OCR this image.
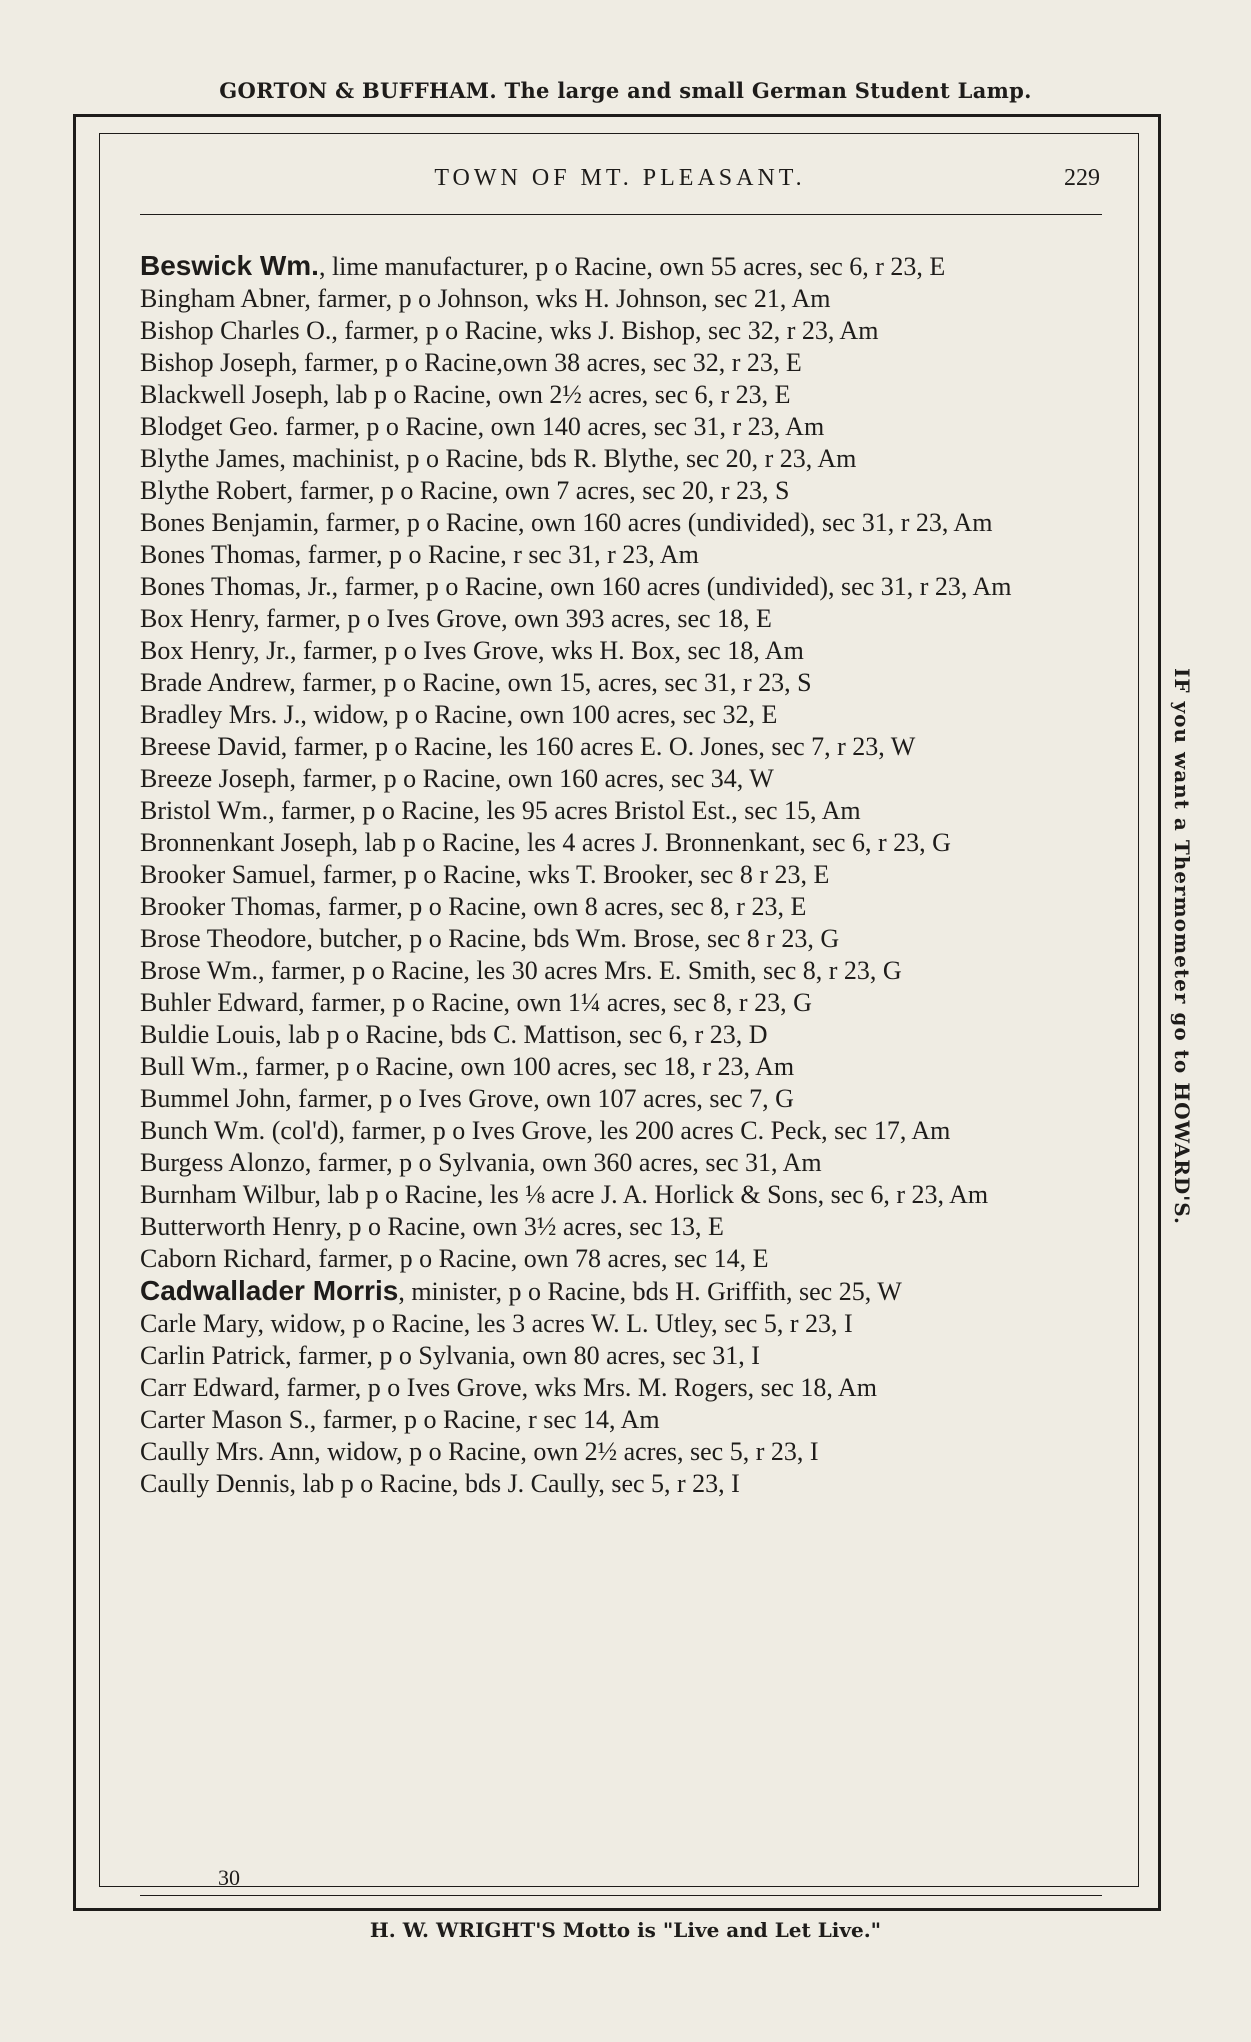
GORTON & BUFFHAM. The large and small German Student Lamp.
TOWN OF MT. PLEASANT.	229
Beswick Wm., lime manufacturer, p o Racine, own 55 acres, sec 6, r 23, E
Bingham Abner, farmer, p o Johnson, wks H. Johnson, sec 21, Am
Bishop Charles O., farmer, p o Racine, wks J. Bishop, sec 32, r 23, Am
Bishop Joseph, farmer, p o Racine,own 38 acres, sec 32, r 23, E
Blackwell Joseph, lab p o Racine, own 2½ acres, sec 6, r 23, E
Blodget Geo. farmer, p o Racine, own 140 acres, sec 31, r 23, Am
Blythe James, machinist, p o Racine, bds R. Blythe, sec 20, r 23, Am
Blythe Robert, farmer, p o Racine, own 7 acres, sec 20, r 23, S
Bones Benjamin, farmer, p o Racine, own 160 acres (undivided), sec 31, r 23, Am
Bones Thomas, farmer, p o Racine, r sec 31, r 23, Am
Bones Thomas, Jr., farmer, p o Racine, own 160 acres (undivided), sec 31, r 23, Am
Box Henry, farmer, p o Ives Grove, own 393 acres, sec 18, E
Box Henry, Jr., farmer, p o Ives Grove, wks H. Box, sec 18, Am
Brade Andrew, farmer, p o Racine, own 15, acres, sec 31, r 23, S
Bradley Mrs. J., widow, p o Racine, own 100 acres, sec 32, E
Breese David, farmer, p o Racine, les 160 acres E. O. Jones, sec 7, r 23, W
Breeze Joseph, farmer, p o Racine, own 160 acres, sec 34, W
Bristol Wm., farmer, p o Racine, les 95 acres Bristol Est., sec 15, Am
Bronnenkant Joseph, lab p o Racine, les 4 acres J. Bronnenkant, sec 6, r 23, G
Brooker Samuel, farmer, p o Racine, wks T. Brooker, sec 8 r 23, E
Brooker Thomas, farmer, p o Racine, own 8 acres, sec 8, r 23, E
Brose Theodore, butcher, p o Racine, bds Wm. Brose, sec 8 r 23, G
Brose Wm., farmer, p o Racine, les 30 acres Mrs. E. Smith, sec 8, r 23, G
Buhler Edward, farmer, p o Racine, own 1¼ acres, sec 8, r 23, G
Buldie Louis, lab p o Racine, bds C. Mattison, sec 6, r 23, D
Bull Wm., farmer, p o Racine, own 100 acres, sec 18, r 23, Am
Bummel John, farmer, p o Ives Grove, own 107 acres, sec 7, G
Bunch Wm. (col'd), farmer, p o Ives Grove, les 200 acres C. Peck, sec 17, Am
Burgess Alonzo, farmer, p o Sylvania, own 360 acres, sec 31, Am
Burnham Wilbur, lab p o Racine, les ⅛ acre J. A. Horlick & Sons, sec 6, r 23, Am
Butterworth Henry, p o Racine, own 3½ acres, sec 13, E
Caborn Richard, farmer, p o Racine, own 78 acres, sec 14, E
Cadwallader Morris, minister, p o Racine, bds H. Griffith, sec 25, W
Carle Mary, widow, p o Racine, les 3 acres W. L. Utley, sec 5, r 23, I
Carlin Patrick, farmer, p o Sylvania, own 80 acres, sec 31, I
Carr Edward, farmer, p o Ives Grove, wks Mrs. M. Rogers, sec 18, Am
Carter Mason S., farmer, p o Racine, r sec 14, Am
Caully Mrs. Ann, widow, p o Racine, own 2½ acres, sec 5, r 23, I
Caully Dennis, lab p o Racine, bds J. Caully, sec 5, r 23, I
30
IF you want a Thermometer go to HOWARD'S.
H. W. WRIGHT'S Motto is "Live and Let Live."
